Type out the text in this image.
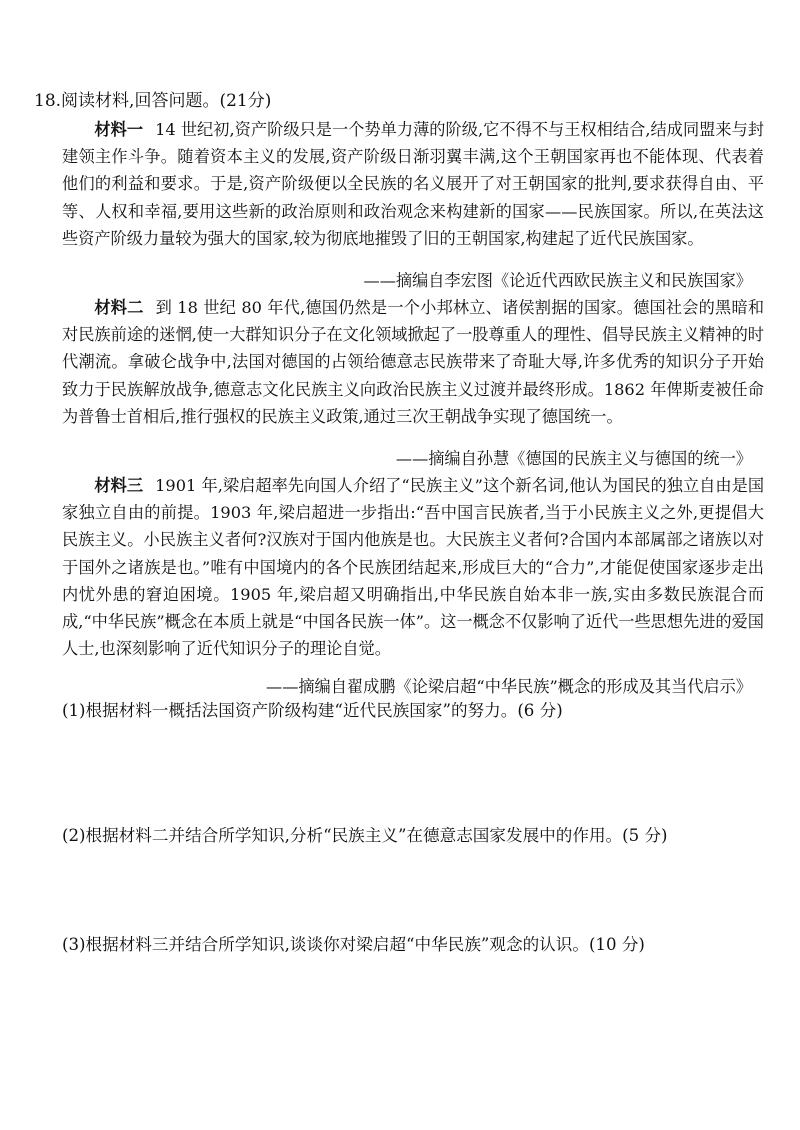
18.阅读材料,回答问题。(21分)
材料一 14 世纪初,资产阶级只是一个势单力薄的阶级,它不得不与王权相结合,结成同盟来与封建领主作斗争。随着资本主义的发展,资产阶级日渐羽翼丰满,这个王朝国家再也不能体现、代表着他们的利益和要求。于是,资产阶级便以全民族的名义展开了对王朝国家的批判,要求获得自由、平等、人权和幸福,要用这些新的政治原则和政治观念来构建新的国家——民族国家。所以,在英法这些资产阶级力量较为强大的国家,较为彻底地摧毁了旧的王朝国家,构建起了近代民族国家。
——摘编自李宏图《论近代西欧民族主义和民族国家》
材料二 到 18 世纪 80 年代,德国仍然是一个小邦林立、诸侯割据的国家。德国社会的黑暗和对民族前途的迷惘,使一大群知识分子在文化领域掀起了一股尊重人的理性、倡导民族主义精神的时代潮流。拿破仑战争中,法国对德国的占领给德意志民族带来了奇耻大辱,许多优秀的知识分子开始致力于民族解放战争,德意志文化民族主义向政治民族主义过渡并最终形成。1862 年俾斯麦被任命为普鲁士首相后,推行强权的民族主义政策,通过三次王朝战争实现了德国统一。
——摘编自孙慧《德国的民族主义与德国的统一》
材料三 1901 年,梁启超率先向国人介绍了“民族主义”这个新名词,他认为国民的独立自由是国家独立自由的前提。1903 年,梁启超进一步指出:“吾中国言民族者,当于小民族主义之外,更提倡大民族主义。小民族主义者何?汉族对于国内他族是也。大民族主义者何?合国内本部属部之诸族以对于国外之诸族是也。”唯有中国境内的各个民族团结起来,形成巨大的“合力”,才能促使国家逐步走出内忧外患的窘迫困境。1905 年,梁启超又明确指出,中华民族自始本非一族,实由多数民族混合而成,“中华民族”概念在本质上就是“中国各民族一体”。这一概念不仅影响了近代一些思想先进的爱国人士,也深刻影响了近代知识分子的理论自觉。
——摘编自翟成鹏《论梁启超“中华民族”概念的形成及其当代启示》
(1)根据材料一概括法国资产阶级构建“近代民族国家”的努力。(6 分)
(2)根据材料二并结合所学知识,分析“民族主义”在德意志国家发展中的作用。(5 分)
(3)根据材料三并结合所学知识,谈谈你对梁启超“中华民族”观念的认识。(10 分)
